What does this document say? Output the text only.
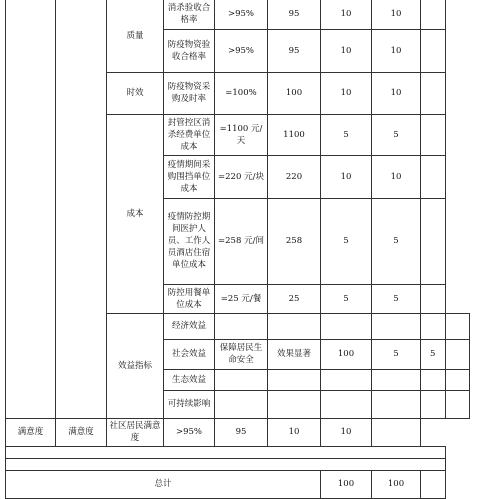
		质量	消杀验收合格率	>95%	95	10	10		
			防疫物资验收合格率	>95%	95	10	10		
		时效	防疫物资采购及时率	=100%	100	10	10		
		成本	封管控区消杀经费单位成本	=1100 元/天	1100	5	5		
			疫情期间采购围挡单位成本	=220 元/块	220	10	10		
			疫情防控期间医护人员、工作人员酒店住宿单位成本	=258 元/间	258	5	5		
			防控用餐单位成本	=25 元/餐	25	5	5		
		效益指标	经济效益						
			社会效益	保障居民生命安全	效果显著	100	5	5	
			生态效益						
			可持续影响						
满意度	满意度	社区居民满意度	>95%	95	10	10			

总计						100	100		
